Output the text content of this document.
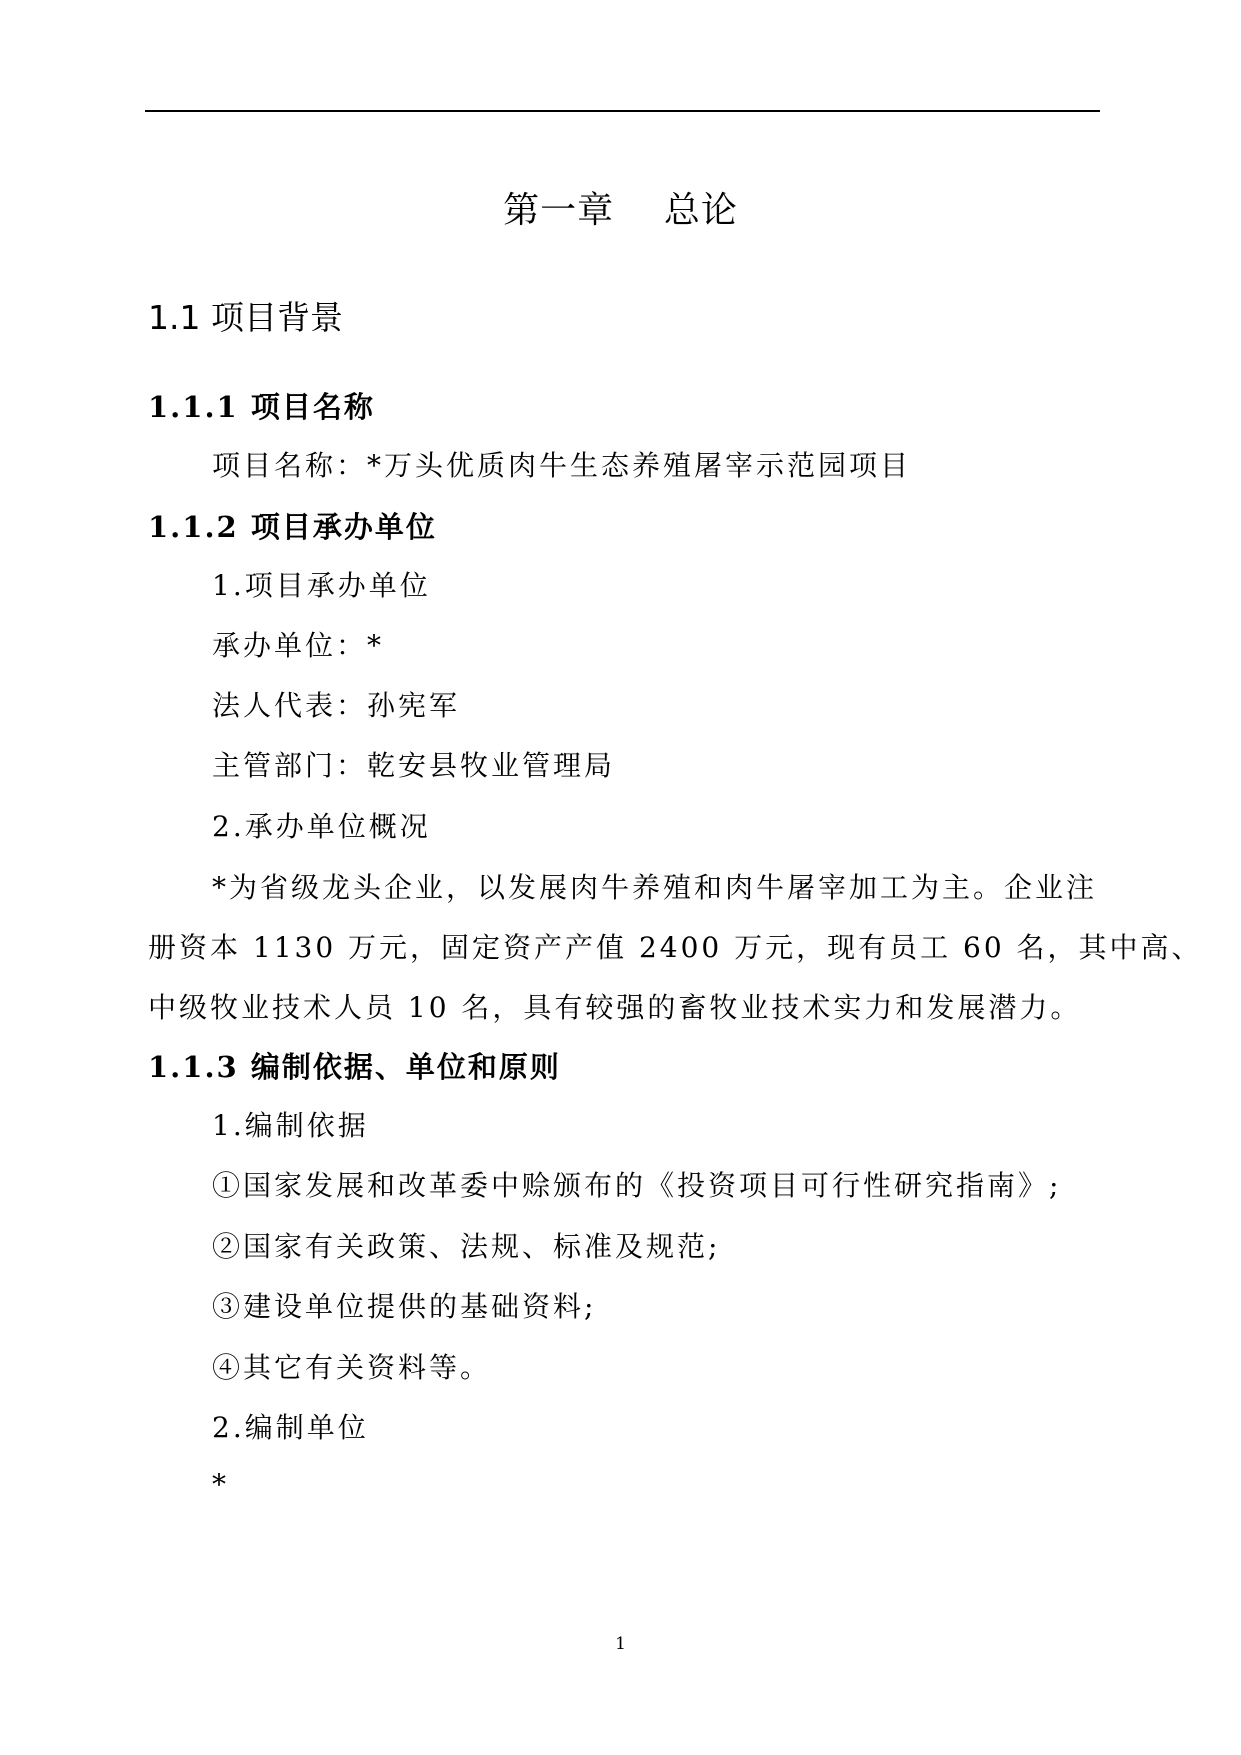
第一章    总论
1.1 项目背景
1.1.1 项目名称
项目名称：*万头优质肉牛生态养殖屠宰示范园项目
1.1.2 项目承办单位
1.项目承办单位
承办单位：*
法人代表：孙宪军
主管部门：乾安县牧业管理局
2.承办单位概况
*为省级龙头企业，以发展肉牛养殖和肉牛屠宰加工为主。企业注
册资本 1130 万元，固定资产产值 2400 万元，现有员工 60 名，其中高、
中级牧业技术人员 10 名，具有较强的畜牧业技术实力和发展潜力。
1.1.3 编制依据、单位和原则
1.编制依据
①国家发展和改革委中赊颁布的《投资项目可行性研究指南》;
②国家有关政策、法规、标准及规范;
③建设单位提供的基础资料;
④其它有关资料等。
2.编制单位
*
1
